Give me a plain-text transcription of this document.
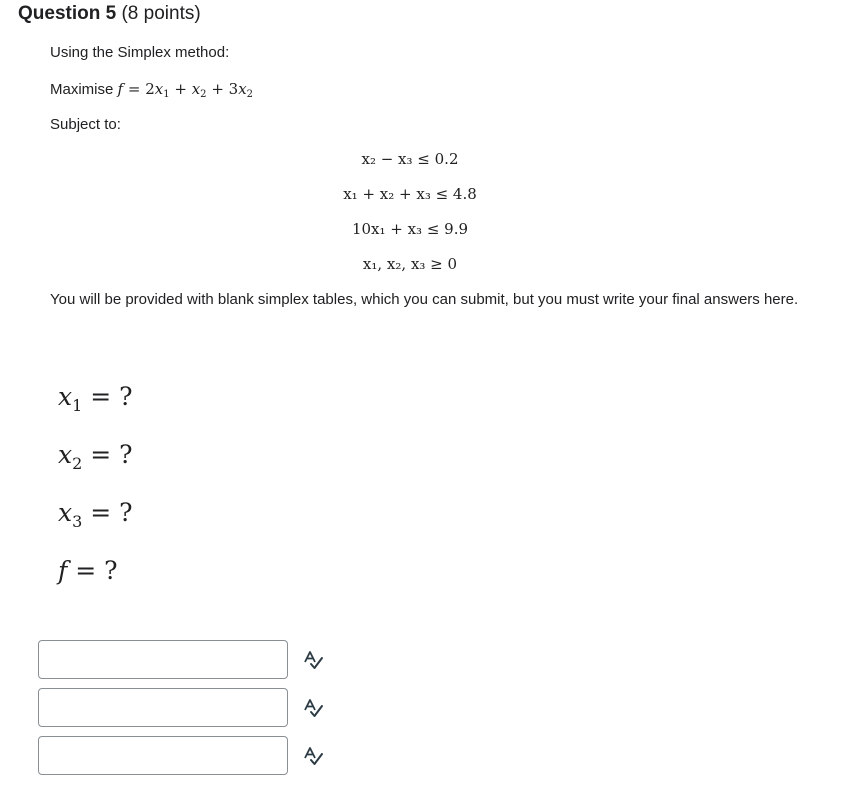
Question 5 (8 points)
Using the Simplex method:
Maximise $f = 2x_1 + x_2 + 3x_2$
Subject to:
x₂ − x₃ ≤ 0.2
x₁ + x₂ + x₃ ≤ 4.8
10x₁ + x₃ ≤ 9.9
x₁, x₂, x₃ ≥ 0
You will be provided with blank simplex tables, which you can submit, but you must write your final answers here.
$x_1$ = ?
$x_2$ = ?
$x_3$ = ?
f = ?
